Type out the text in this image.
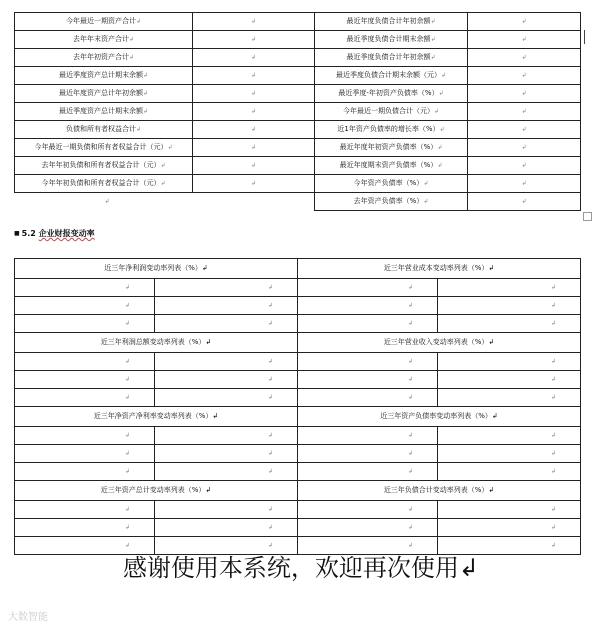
今年最近一期资产合计↲	↲	最近年度负债合计年初余额↲	↲
去年年末资产合计↲	↲	最近季度负债合计期末余额↲	↲
去年年初资产合计↲	↲	最近季度负债合计年初余额↲	↲
最近季度资产总计期末余额↲	↲	最近季度负债合计期末余额（元）↲	↲
最近年度资产总计年初余额↲	↲	最近季度-年初资产负债率（%）↲	↲
最近季度资产总计期末余额↲	↲	今年最近一期负债合计（元）↲	↲
负债和所有者权益合计↲	↲	近1年资产负债率的增长率（%）↲	↲
今年最近一期负债和所有者权益合计（元）↲	↲	最近年度年初资产负债率（%）↲	↲
去年年初负债和所有者权益合计（元）↲	↲	最近年度期末资产负债率（%）↲	↲
今年年初负债和所有者权益合计（元）↲	↲	今年资产负债率（%）↲	↲
↲		去年资产负债率（%）↲	↲
■ 5.2 企业财报变动率
近三年净利润变动率列表（%）↲		近三年营业成本变动率列表（%）↲	
↲	↲	↲	↲
↲	↲	↲	↲
↲	↲	↲	↲
近三年利润总额变动率列表（%）↲		近三年营业收入变动率列表（%）↲	
↲	↲	↲	↲
↲	↲	↲	↲
↲	↲	↲	↲
近三年净资产净利率变动率列表（%）↲		近三年资产负债率变动率列表（%）↲	
↲	↲	↲	↲
↲	↲	↲	↲
↲	↲	↲	↲
近三年资产总计变动率列表（%）↲		近三年负债合计变动率列表（%）↲	
↲	↲	↲	↲
↲	↲	↲	↲
↲	↲	↲	↲
感谢使用本系统，欢迎再次使用↲
大数智能
